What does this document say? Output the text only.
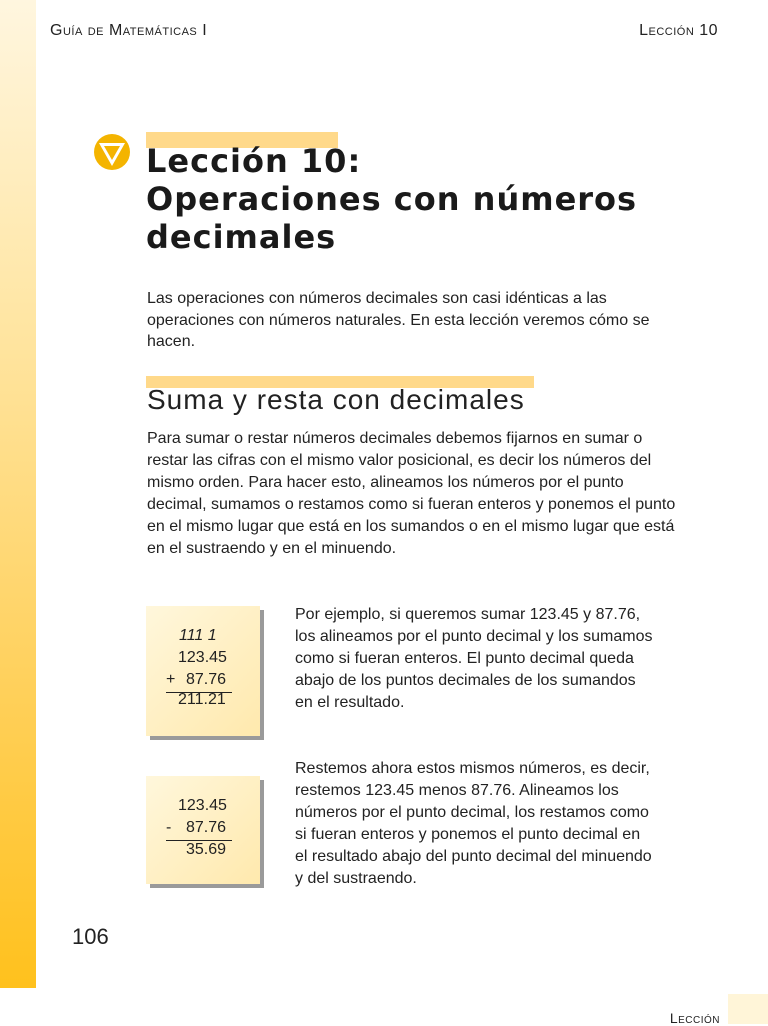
Guía de Matemáticas I	Lección 10
Lección 10:
Operaciones con números
decimales

Las operaciones con números decimales son casi idénticas a las operaciones con números naturales. En esta lección veremos cómo se hacen.

Suma y resta con decimales

Para sumar o restar números decimales debemos fijarnos en sumar o restar las cifras con el mismo valor posicional, es decir los números del mismo orden. Para hacer esto, alineamos los números por el punto decimal, sumamos o restamos como si fueran enteros y ponemos el punto en el mismo lugar que está en los sumandos o en el mismo lugar que está en el sustraendo y en el minuendo.

111 1
123.45
+ 87.76
211.21

Por ejemplo, si queremos sumar 123.45 y 87.76, los alineamos por el punto decimal y los sumamos como si fueran enteros. El punto decimal queda abajo de los puntos decimales de los sumandos en el resultado.

123.45
- 87.76
35.69

Restemos ahora estos mismos números, es decir, restemos 123.45 menos 87.76. Alineamos los números por el punto decimal, los restamos como si fueran enteros y ponemos el punto decimal en el resultado abajo del punto decimal del minuendo y del sustraendo.

106
Lección
